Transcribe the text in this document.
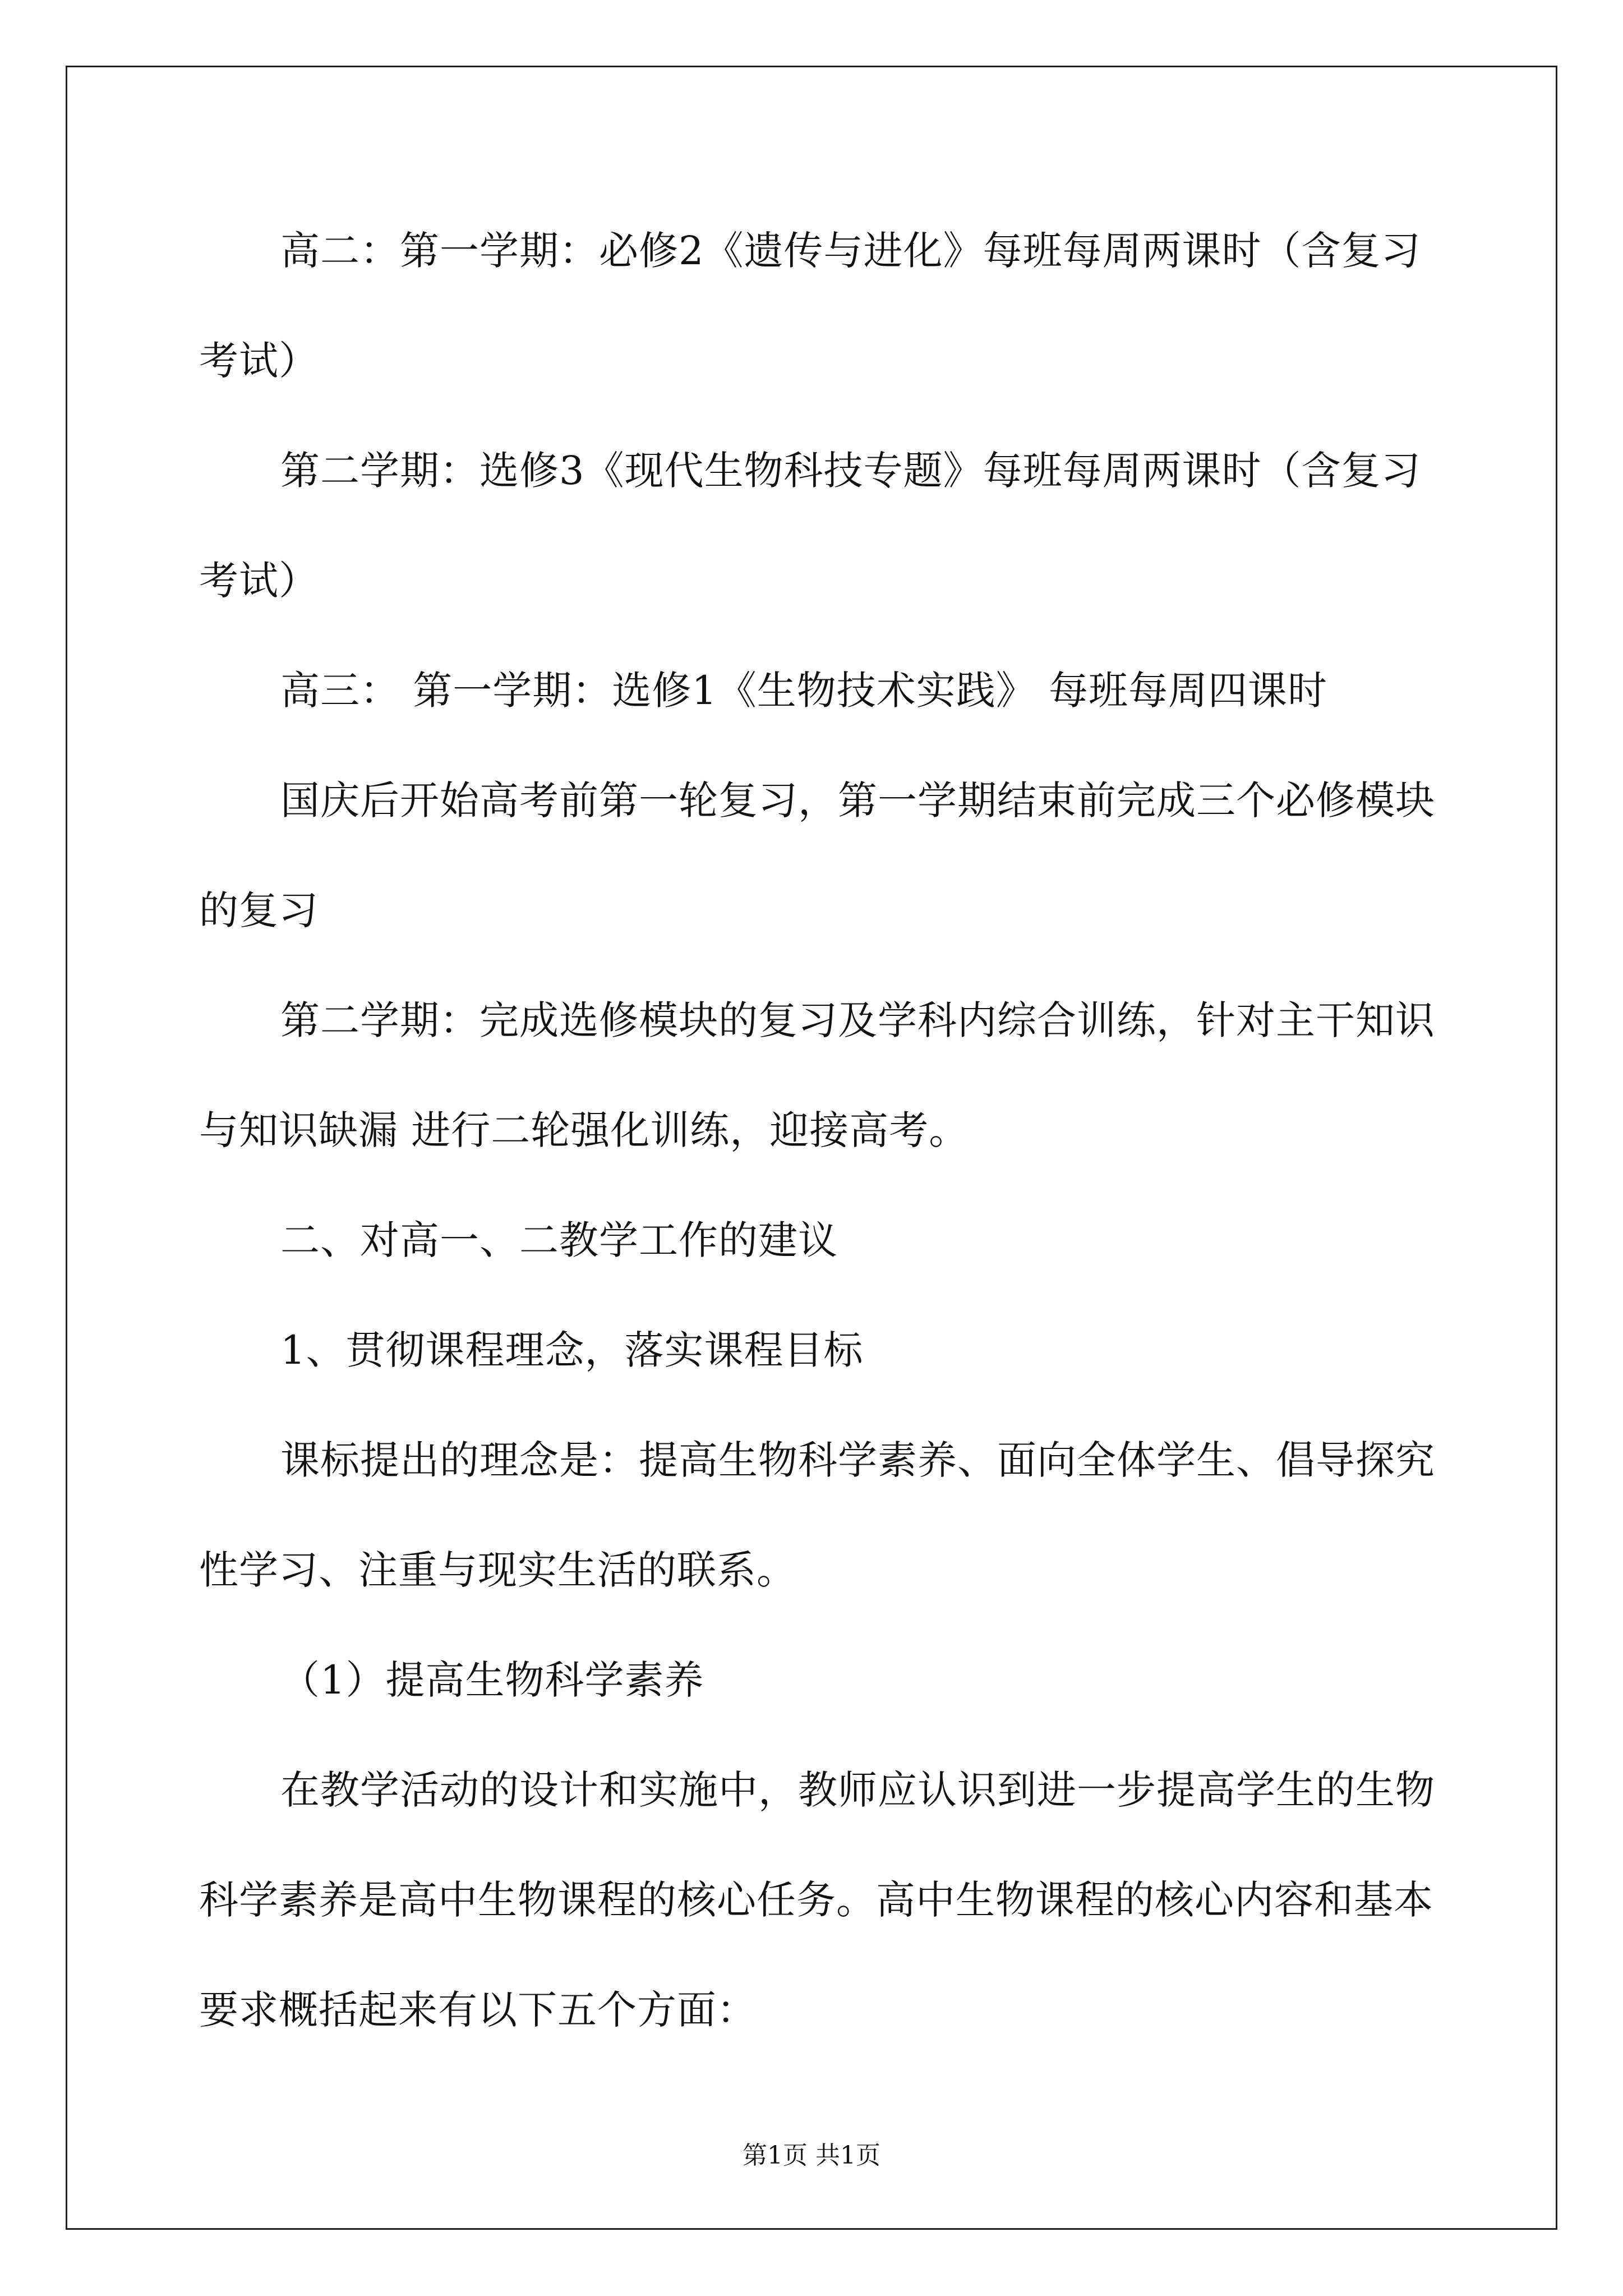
高二：第一学期：必修2《遗传与进化》每班每周两课时（含复习考试）

第二学期：选修3《现代生物科技专题》每班每周两课时（含复习考试）

高三： 第一学期：选修1《生物技术实践》 每班每周四课时

国庆后开始高考前第一轮复习，第一学期结束前完成三个必修模块的复习

第二学期：完成选修模块的复习及学科内综合训练，针对主干知识与知识缺漏 进行二轮强化训练，迎接高考。

二、对高一、二教学工作的建议

1、贯彻课程理念，落实课程目标

课标提出的理念是：提高生物科学素养、面向全体学生、倡导探究性学习、注重与现实生活的联系。

（1）提高生物科学素养

在教学活动的设计和实施中，教师应认识到进一步提高学生的生物科学素养是高中生物课程的核心任务。高中生物课程的核心内容和基本要求概括起来有以下五个方面：

第1页 共1页
